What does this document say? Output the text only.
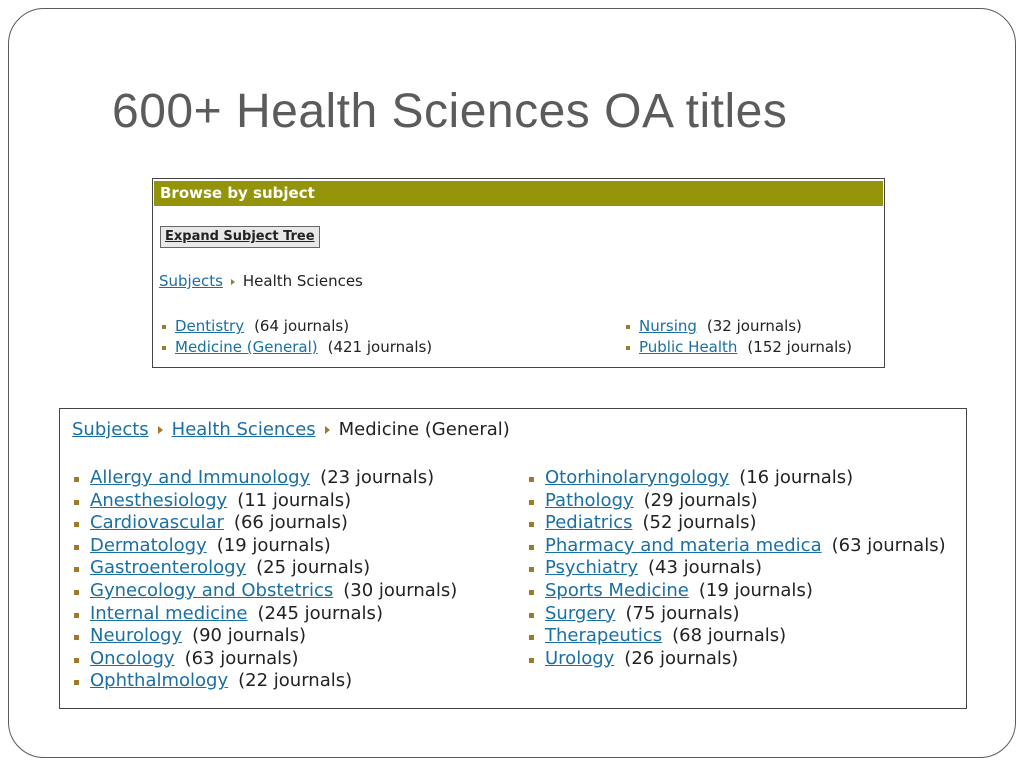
600+ Health Sciences OA titles
Browse by subject
Expand Subject Tree
Subjects Health Sciences
Dentistry (64 journals)
Medicine (General) (421 journals)
Nursing (32 journals)
Public Health (152 journals)
Subjects Health Sciences Medicine (General)
Allergy and Immunology (23 journals)
Anesthesiology (11 journals)
Cardiovascular (66 journals)
Dermatology (19 journals)
Gastroenterology (25 journals)
Gynecology and Obstetrics (30 journals)
Internal medicine (245 journals)
Neurology (90 journals)
Oncology (63 journals)
Ophthalmology (22 journals)
Otorhinolaryngology (16 journals)
Pathology (29 journals)
Pediatrics (52 journals)
Pharmacy and materia medica (63 journals)
Psychiatry (43 journals)
Sports Medicine (19 journals)
Surgery (75 journals)
Therapeutics (68 journals)
Urology (26 journals)
